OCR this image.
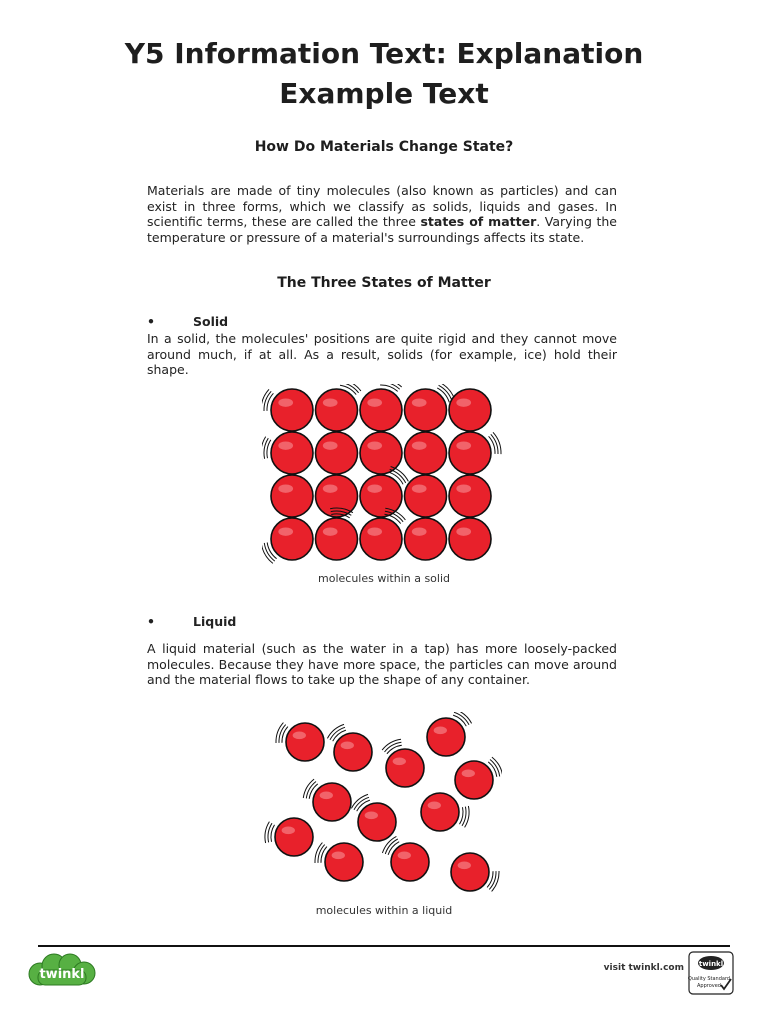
Y5 Information Text: Explanation
Example Text
How Do Materials Change State?

Materials are made of tiny molecules (also known as particles) and can exist in three forms, which we classify as solids, liquids and gases. In scientific terms, these are called the three states of matter. Varying the temperature or pressure of a material's surroundings affects its state.

The Three States of Matter
•	Solid

In a solid, the molecules' positions are quite rigid and they cannot move around much, if at all. As a result, solids (for example, ice) hold their shape.

molecules within a solid

•	Liquid

A liquid material (such as the water in a tap) has more loosely-packed molecules. Because they have more space, the particles can move around and the material flows to take up the shape of any container.

molecules within a liquid

twinkl	visit twinkl.com twinkl
Quality Standard
Approved
